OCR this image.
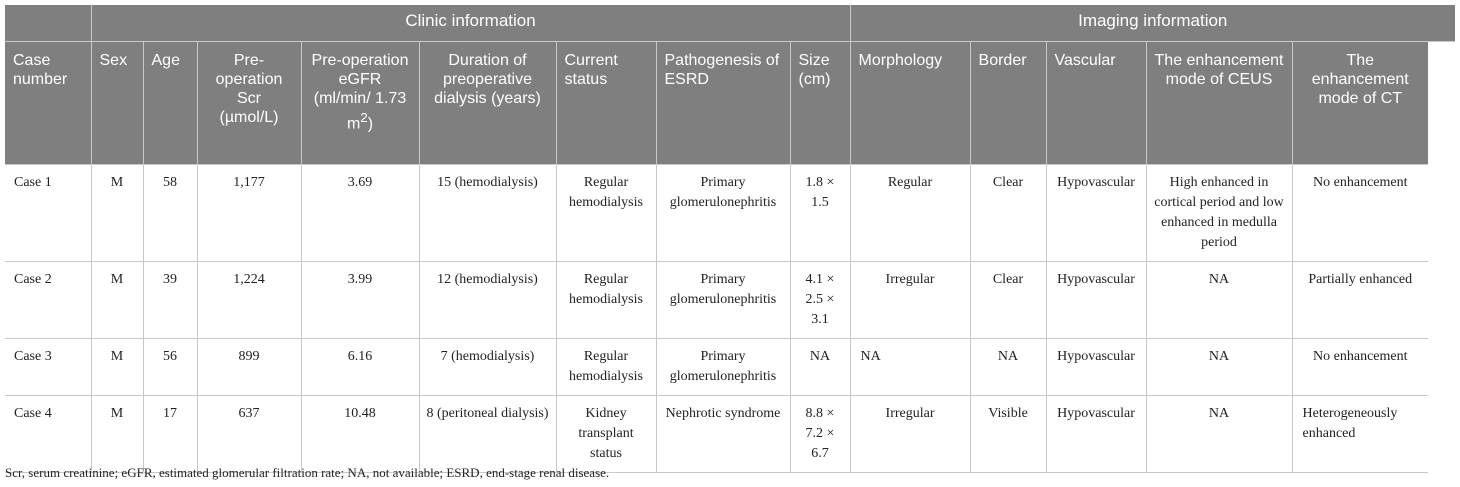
	Clinic information								Imaging information				
Case number	Sex	Age	Pre-operation Scr (µmol/L)	Pre-operation eGFR (ml/min/ 1.73 $m^2$)	Duration of preoperative dialysis (years)	Current status	Pathogenesis of ESRD	Size (cm)	Morphology	Border	Vascular	The enhancement mode of CEUS	The enhancement mode of CT
Case 1	M	58	1,177	3.69	15 (hemodialysis)	Regular hemodialysis	Primary glomerulonephritis	1.8 × 1.5	Regular	Clear	Hypovascular	High enhanced in cortical period and low enhanced in medulla period	No enhancement
Case 2	M	39	1,224	3.99	12 (hemodialysis)	Regular hemodialysis	Primary glomerulonephritis	4.1 × 2.5 × 3.1	Irregular	Clear	Hypovascular	NA	Partially enhanced
Case 3	M	56	899	6.16	7 (hemodialysis)	Regular hemodialysis	Primary glomerulonephritis	NA	NA	NA	Hypovascular	NA	No enhancement
Case 4	M	17	637	10.48	8 (peritoneal dialysis)	Kidney transplant status	Nephrotic syndrome	8.8 × 7.2 × 6.7	Irregular	Visible	Hypovascular	NA	Heterogeneously enhanced
Scr, serum creatinine; eGFR, estimated glomerular filtration rate; NA, not available; ESRD, end-stage renal disease.
